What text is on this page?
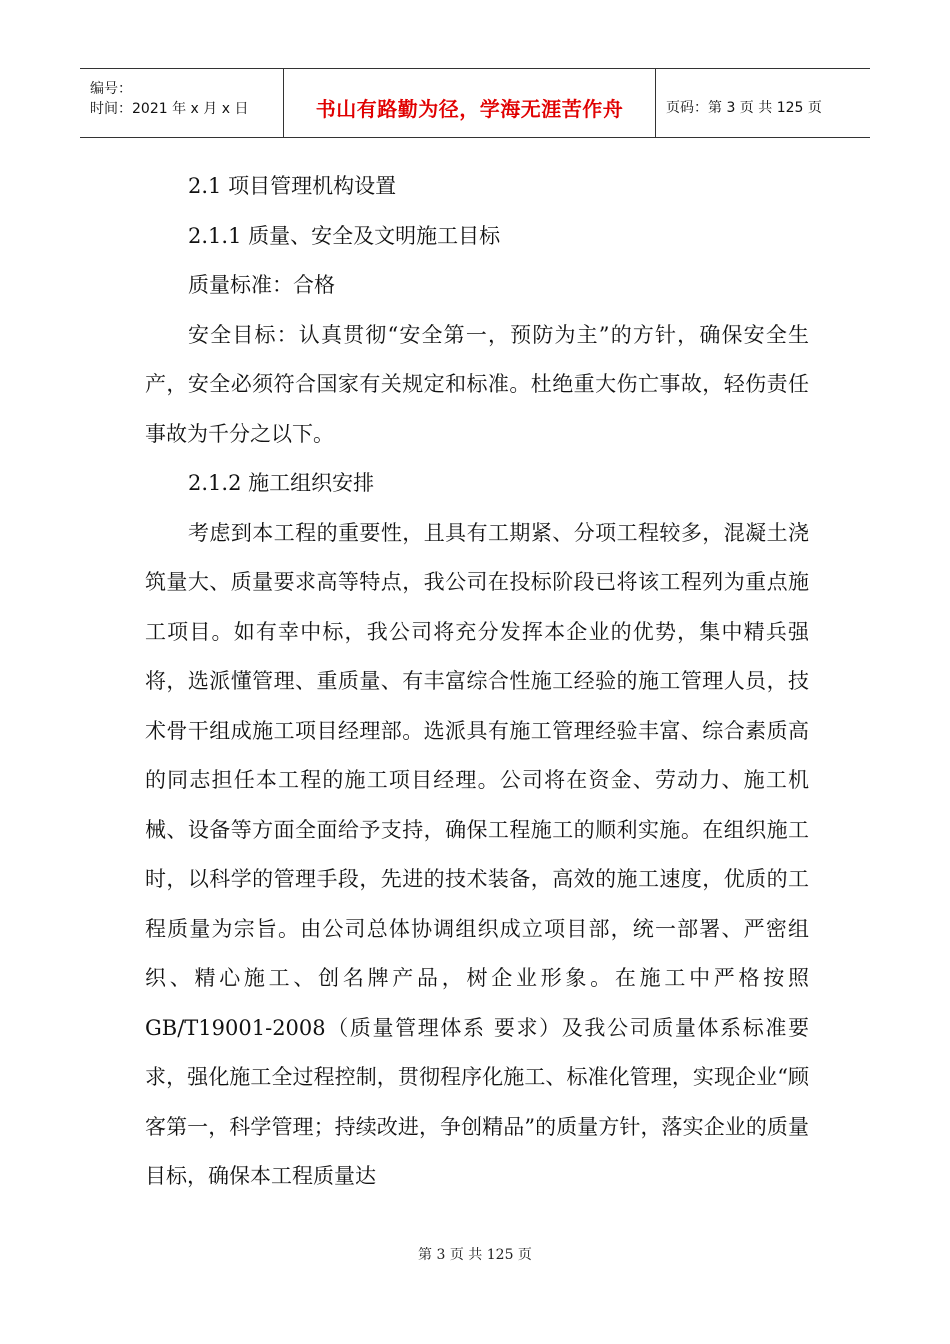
编号：
时间：2021 年 x 月 x 日	书山有路勤为径，学海无涯苦作舟	页码：第 3 页 共 125 页

2.1 项目管理机构设置

2.1.1 质量、安全及文明施工目标

质量标准：合格

安全目标：认真贯彻“安全第一，预防为主”的方针，确保安全生产，安全必须符合国家有关规定和标准。杜绝重大伤亡事故，轻伤责任事故为千分之以下。

2.1.2 施工组织安排

考虑到本工程的重要性，且具有工期紧、分项工程较多，混凝土浇筑量大、质量要求高等特点，我公司在投标阶段已将该工程列为重点施工项目。如有幸中标，我公司将充分发挥本企业的优势，集中精兵强将，选派懂管理、重质量、有丰富综合性施工经验的施工管理人员，技术骨干组成施工项目经理部。选派具有施工管理经验丰富、综合素质高的同志担任本工程的施工项目经理。公司将在资金、劳动力、施工机械、设备等方面全面给予支持，确保工程施工的顺利实施。在组织施工时，以科学的管理手段，先进的技术装备，高效的施工速度，优质的工程质量为宗旨。由公司总体协调组织成立项目部，统一部署、严密组织、精心施工、创名牌产品，树企业形象。在施工中严格按照 GB/T19001-2008（质量管理体系 要求）及我公司质量体系标准要求，强化施工全过程控制，贯彻程序化施工、标准化管理，实现企业“顾客第一，科学管理；持续改进，争创精品”的质量方针，落实企业的质量目标，确保本工程质量达

第 3 页 共 125 页
